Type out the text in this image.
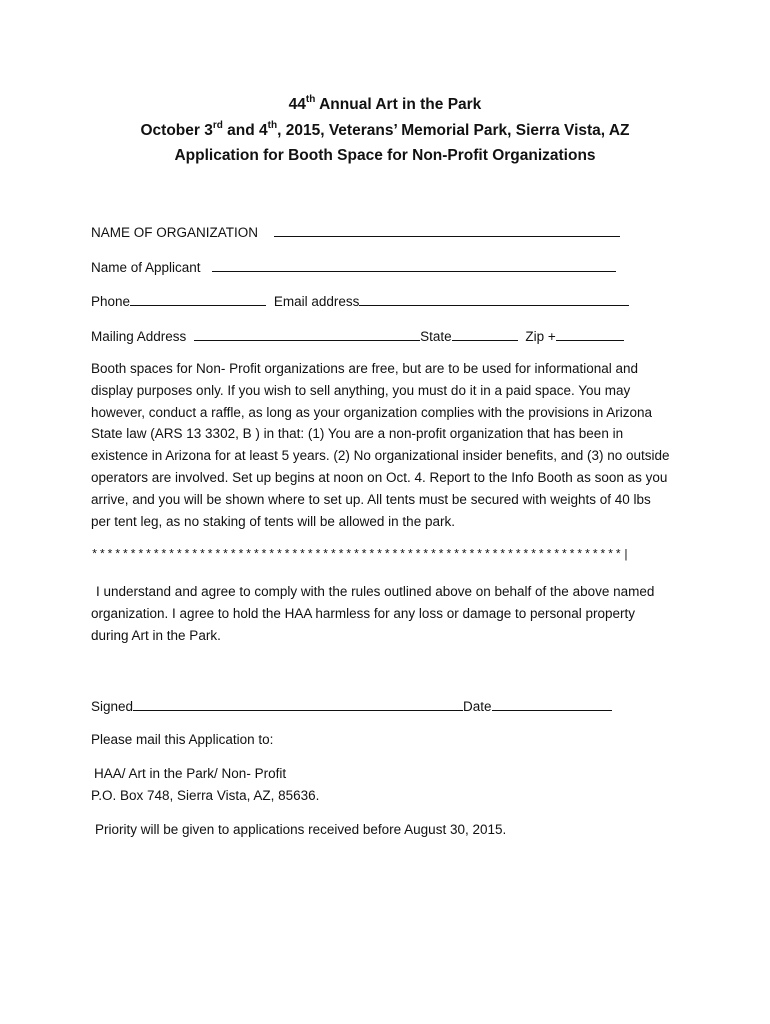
44th Annual Art in the Park
October 3rd and 4th, 2015, Veterans’ Memorial Park, Sierra Vista, AZ
Application for Booth Space for Non-Profit Organizations
NAME OF ORGANIZATION
Name of Applicant
Phone	Email address
Mailing Address	State	Zip +

Booth spaces for Non- Profit organizations are free, but are to be used for informational and display purposes only. If you wish to sell anything, you must do it in a paid space. You may however, conduct a raffle, as long as your organization complies with the provisions in Arizona State law (ARS 13 3302, B ) in that: (1) You are a non-profit organization that has been in existence in Arizona for at least 5 years. (2) No organizational insider benefits, and (3) no outside operators are involved. Set up begins at noon on Oct. 4. Report to the Info Booth as soon as you arrive, and you will be shown where to set up. All tents must be secured with weights of 40 lbs per tent leg, as no staking of tents will be allowed in the park.

*********************************************************************|

I understand and agree to comply with the rules outlined above on behalf of the above named organization. I agree to hold the HAA harmless for any loss or damage to personal property during Art in the Park.

Signed	Date
Please mail this Application to:
HAA/ Art in the Park/ Non- Profit
P.O. Box 748, Sierra Vista, AZ, 85636.
Priority will be given to applications received before August 30, 2015.
